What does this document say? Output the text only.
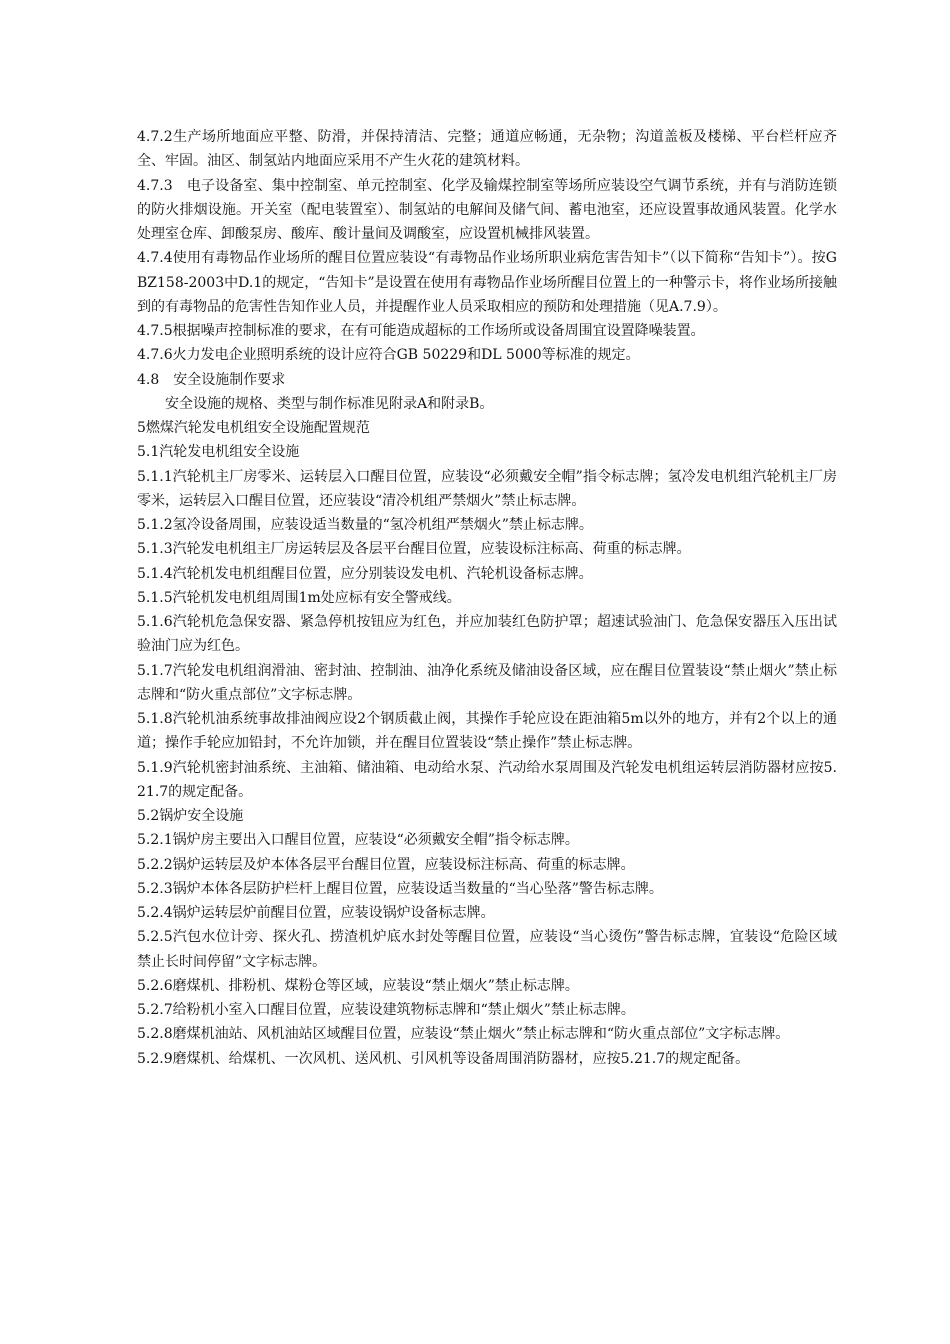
4.7.2生产场所地面应平整、防滑，并保持清洁、完整；通道应畅通，无杂物；沟道盖板及楼梯、平台栏杆应齐全、牢固。油区、制氢站内地面应采用不产生火花的建筑材料。

4.7.3　电子设备室、集中控制室、单元控制室、化学及输煤控制室等场所应装设空气调节系统，并有与消防连锁的防火排烟设施。开关室（配电装置室）、制氢站的电解间及储气间、蓄电池室，还应设置事故通风装置。化学水处理室仓库、卸酸泵房、酸库、酸计量间及调酸室，应设置机械排风装置。

4.7.4使用有毒物品作业场所的醒目位置应装设“有毒物品作业场所职业病危害告知卡”（以下简称“告知卡”）。按GBZ158-2003中D.1的规定，“告知卡”是设置在使用有毒物品作业场所醒目位置上的一种警示卡，将作业场所接触到的有毒物品的危害性告知作业人员，并提醒作业人员采取相应的预防和处理措施（见A.7.9）。

4.7.5根据噪声控制标准的要求，在有可能造成超标的工作场所或设备周围宜设置降噪装置。

4.7.6火力发电企业照明系统的设计应符合GB 50229和DL 5000等标准的规定。

4.8　安全设施制作要求

安全设施的规格、类型与制作标准见附录A和附录B。

5燃煤汽轮发电机组安全设施配置规范

5.1汽轮发电机组安全设施

5.1.1汽轮机主厂房零米、运转层入口醒目位置，应装设“必须戴安全帽”指令标志牌；氢冷发电机组汽轮机主厂房零米，运转层入口醒目位置，还应装设“清冷机组严禁烟火”禁止标志牌。

5.1.2氢冷设备周围，应装设适当数量的“氢冷机组严禁烟火”禁止标志牌。

5.1.3汽轮发电机组主厂房运转层及各层平台醒目位置，应装设标注标高、荷重的标志牌。

5.1.4汽轮机发电机组醒目位置，应分别装设发电机、汽轮机设备标志牌。

5.1.5汽轮机发电机组周围1m处应标有安全警戒线。

5.1.6汽轮机危急保安器、紧急停机按钮应为红色，并应加装红色防护罩；超速试验油门、危急保安器压入压出试验油门应为红色。

5.1.7汽轮发电机组润滑油、密封油、控制油、油净化系统及储油设备区域，应在醒目位置装设“禁止烟火”禁止标志牌和“防火重点部位”文字标志牌。

5.1.8汽轮机油系统事故排油阀应设2个钢质截止阀，其操作手轮应设在距油箱5m以外的地方，并有2个以上的通道；操作手轮应加铅封，不允许加锁，并在醒目位置装设“禁止操作”禁止标志牌。

5.1.9汽轮机密封油系统、主油箱、储油箱、电动给水泵、汽动给水泵周围及汽轮发电机组运转层消防器材应按5.21.7的规定配备。

5.2锅炉安全设施

5.2.1锅炉房主要出入口醒目位置，应装设“必须戴安全帽”指令标志牌。

5.2.2锅炉运转层及炉本体各层平台醒目位置，应装设标注标高、荷重的标志牌。

5.2.3锅炉本体各层防护栏杆上醒目位置，应装设适当数量的“当心坠落”警告标志牌。

5.2.4锅炉运转层炉前醒目位置，应装设锅炉设备标志牌。

5.2.5汽包水位计旁、探火孔、捞渣机炉底水封处等醒目位置，应装设“当心烫伤”警告标志牌，宜装设“危险区域禁止长时间停留”文字标志牌。

5.2.6磨煤机、排粉机、煤粉仓等区域，应装设“禁止烟火”禁止标志牌。

5.2.7给粉机小室入口醒目位置，应装设建筑物标志牌和“禁止烟火”禁止标志牌。

5.2.8磨煤机油站、风机油站区域醒目位置，应装设“禁止烟火”禁止标志牌和“防火重点部位”文字标志牌。

5.2.9磨煤机、给煤机、一次风机、送风机、引风机等设备周围消防器材，应按5.21.7的规定配备。
